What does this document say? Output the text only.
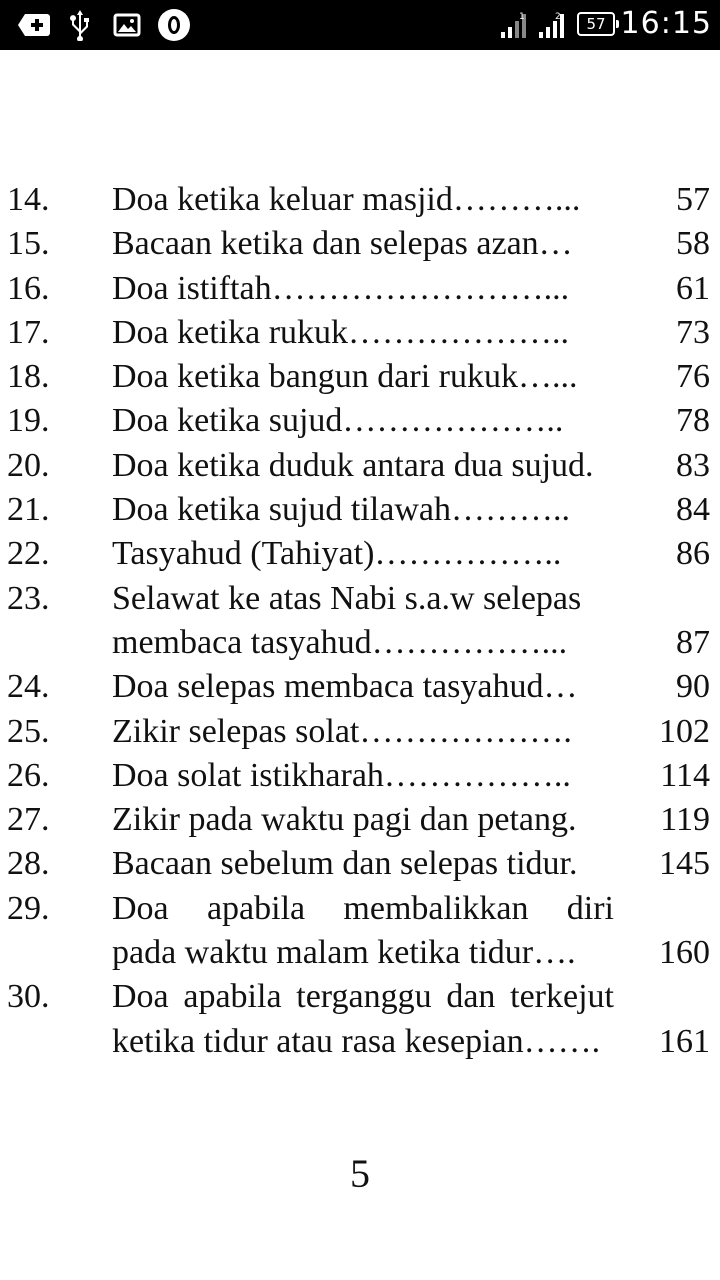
1	2	57 16:15
14. Doa ketika keluar masjid………...	57
15. Bacaan ketika dan selepas azan…	58
16. Doa istiftah……………………...	61
17. Doa ketika rukuk………………..	73
18. Doa ketika bangun dari rukuk…...	76
19. Doa ketika sujud………………..	78
20. Doa ketika duduk antara dua sujud. 83
21. Doa ketika sujud tilawah………..	84
22. Tasyahud (Tahiyat)……………..	86
23. Selawat ke atas Nabi s.a.w selepas
membaca tasyahud……………...	87
24. Doa selepas membaca tasyahud…	90
25. Zikir selepas solat……………….	102
26. Doa solat istikharah……………..	114
27. Zikir pada waktu pagi dan petang. 119
28. Bacaan sebelum dan selepas tidur. 145
29. Doa apabila membalikkan diri
pada waktu malam ketika tidur…. 160
30. Doa apabila terganggu dan terkejut
ketika tidur atau rasa kesepian……. 161
5
